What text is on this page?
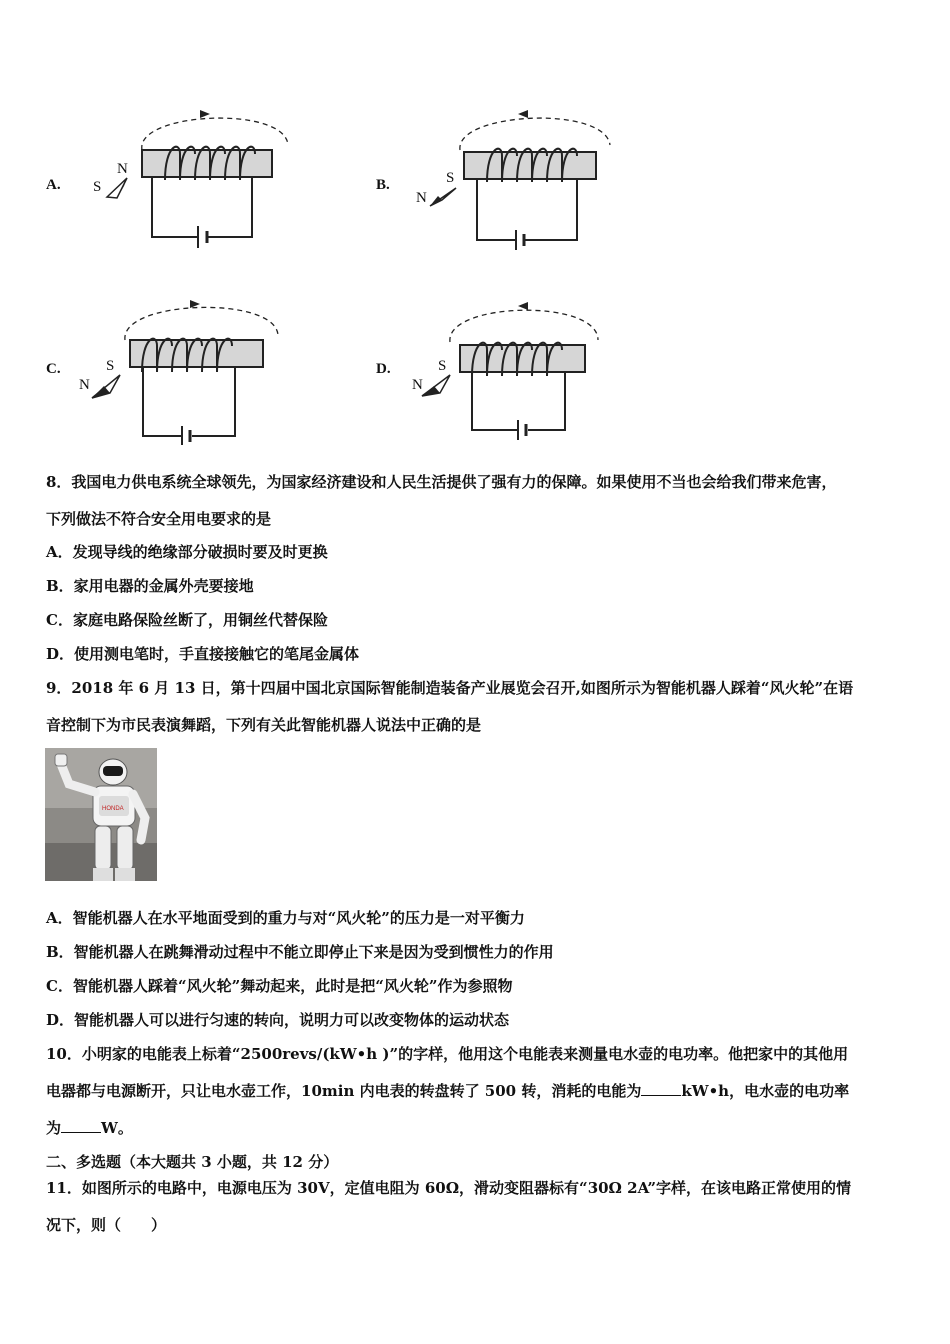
A.
N
S	B.	S
N
C.	S
N
D.	S
N
8．我国电力供电系统全球领先，为国家经济建设和人民生活提供了强有力的保障。如果使用不当也会给我们带来危害，
下列做法不符合安全用电要求的是
A．发现导线的绝缘部分破损时要及时更换
B．家用电器的金属外壳要接地
C．家庭电路保险丝断了，用铜丝代替保险
D．使用测电笔时，手直接接触它的笔尾金属体
9．2018 年 6 月 13 日，第十四届中国北京国际智能制造装备产业展览会召开,如图所示为智能机器人踩着“风火轮”在语
音控制下为市民表演舞蹈，下列有关此智能机器人说法中正确的是
HONDA
A．智能机器人在水平地面受到的重力与对“风火轮”的压力是一对平衡力
B．智能机器人在跳舞滑动过程中不能立即停止下来是因为受到惯性力的作用
C．智能机器人踩着“风火轮”舞动起来，此时是把“风火轮”作为参照物
D．智能机器人可以进行匀速的转向，说明力可以改变物体的运动状态
10．小明家的电能表上标着“2500revs/(kW•h )”的字样，他用这个电能表来测量电水壶的电功率。他把家中的其他用
电器都与电源断开，只让电水壶工作，10min 内电表的转盘转了 500 转，消耗的电能为	kW•h，电水壶的电功率
为	W。
二、多选题（本大题共 3 小题，共 12 分）
11．如图所示的电路中，电源电压为 30V，定值电阻为 60Ω，滑动变阻器标有“30Ω 2A”字样，在该电路正常使用的情
况下，则（　　）
